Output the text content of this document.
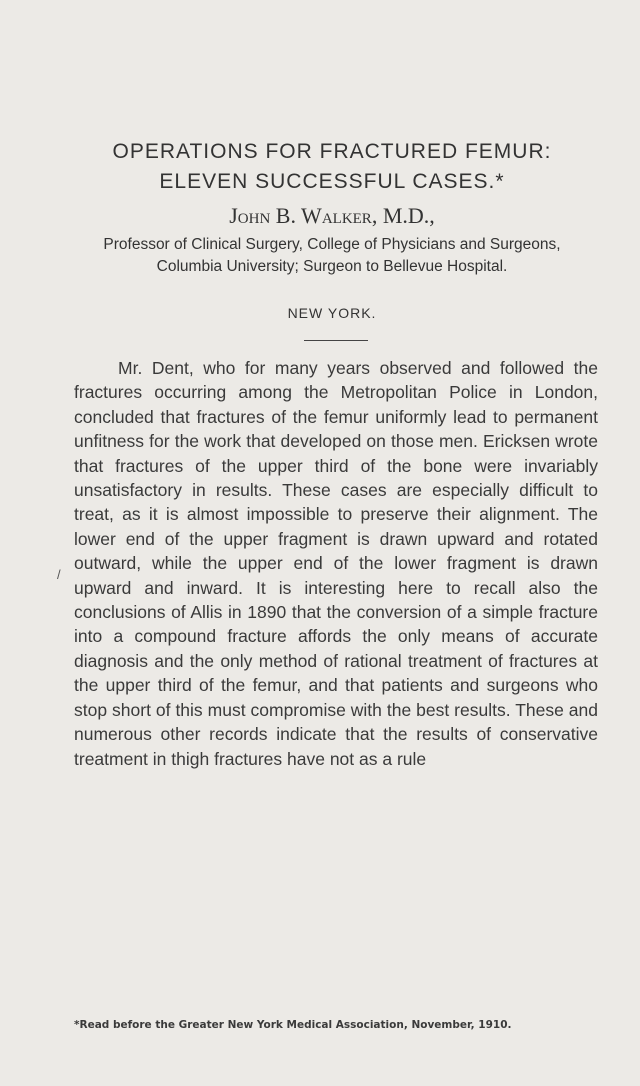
OPERATIONS FOR FRACTURED FEMUR:
ELEVEN SUCCESSFUL CASES.*
John B. Walker, M.D.,
Professor of Clinical Surgery, College of Physicians and Surgeons, Columbia University; Surgeon to Bellevue Hospital.
NEW YORK.
/

Mr. Dent, who for many years observed and followed the fractures occurring among the Metropolitan Police in London, concluded that fractures of the femur uniformly lead to permanent unfitness for the work that developed on those men. Ericksen wrote that fractures of the upper third of the bone were invariably unsatisfactory in results. These cases are especially difficult to treat, as it is almost impossible to preserve their alignment. The lower end of the upper fragment is drawn upward and rotated outward, while the upper end of the lower fragment is drawn upward and inward. It is interesting here to recall also the conclusions of Allis in 1890 that the conversion of a simple fracture into a compound fracture affords the only means of accurate diagnosis and the only method of rational treatment of fractures at the upper third of the femur, and that patients and surgeons who stop short of this must compromise with the best results. These and numerous other records indicate that the results of conservative treatment in thigh fractures have not as a rule

*Read before the Greater New York Medical Association, November, 1910.
